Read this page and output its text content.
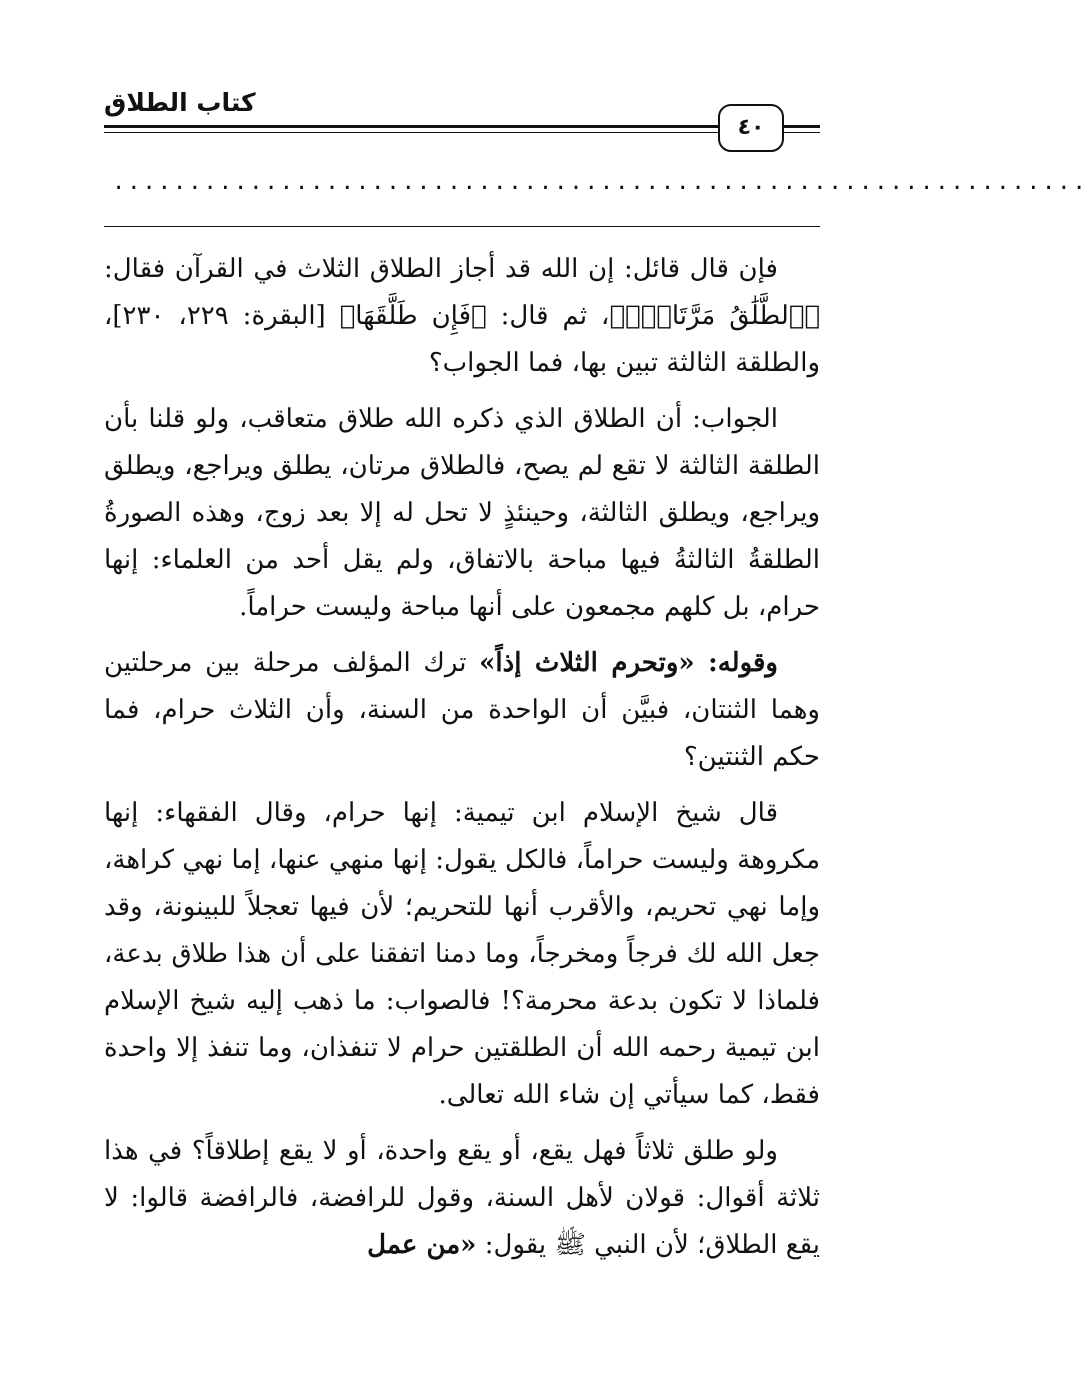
كتاب الطلاق
٤٠
................................................................

فإن قال قائل: إن الله قد أجاز الطلاق الثلاث في القرآن فقال: ﴿ٱلطَّلَٰقُ مَرَّتَانِۖ﴾، ثم قال: ﴿فَإِن طَلَّقَهَا﴾ [البقرة: ٢٢٩، ٢٣٠]، والطلقة الثالثة تبين بها، فما الجواب؟

الجواب: أن الطلاق الذي ذكره الله طلاق متعاقب، ولو قلنا بأن الطلقة الثالثة لا تقع لم يصح، فالطلاق مرتان، يطلق ويراجع، ويطلق ويراجع، ويطلق الثالثة، وحينئذٍ لا تحل له إلا بعد زوج، وهذه الصورةُ الطلقةُ الثالثةُ فيها مباحة بالاتفاق، ولم يقل أحد من العلماء: إنها حرام، بل كلهم مجمعون على أنها مباحة وليست حراماً.

وقوله: «وتحرم الثلاث إذاً» ترك المؤلف مرحلة بين مرحلتين وهما الثنتان، فبيَّن أن الواحدة من السنة، وأن الثلاث حرام، فما حكم الثنتين؟

قال شيخ الإسلام ابن تيمية: إنها حرام، وقال الفقهاء: إنها مكروهة وليست حراماً، فالكل يقول: إنها منهي عنها، إما نهي كراهة، وإما نهي تحريم، والأقرب أنها للتحريم؛ لأن فيها تعجلاً للبينونة، وقد جعل الله لك فرجاً ومخرجاً، وما دمنا اتفقنا على أن هذا طلاق بدعة، فلماذا لا تكون بدعة محرمة؟! فالصواب: ما ذهب إليه شيخ الإسلام ابن تيمية رحمه الله أن الطلقتين حرام لا تنفذان، وما تنفذ إلا واحدة فقط، كما سيأتي إن شاء الله تعالى.

ولو طلق ثلاثاً فهل يقع، أو يقع واحدة، أو لا يقع إطلاقاً؟ في هذا ثلاثة أقوال: قولان لأهل السنة، وقول للرافضة، فالرافضة قالوا: لا يقع الطلاق؛ لأن النبي ﷺ يقول: «من عمل
